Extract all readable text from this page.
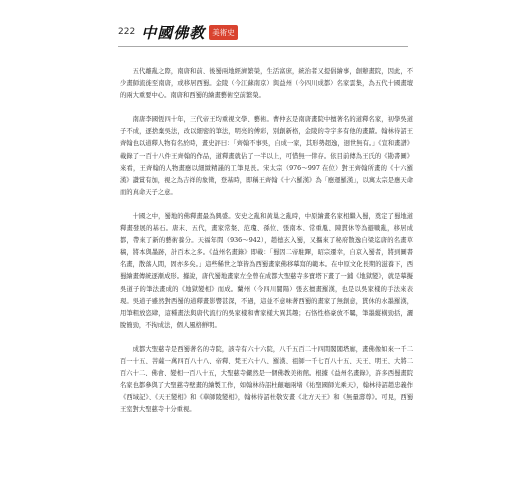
222 中國佛教 美術史

五代離亂之際，南唐和前、後蜀兩地經濟繁榮，生活富庶，統治者又提倡繪事，創辦畫院，因此，不少畫師流徙至南唐，或移居西蜀。金陵（今江蘇南京）與益州（今四川成都）名家雲集，為五代十國畫壇的兩大重要中心。南唐和西蜀的繪畫藝術空前繁榮。

南唐李國恆四十年，三代帝王均重視文學、藝術。曹仲玄是南唐畫院中擅著名的道釋名家，初學吳道子不成，逐捨棄吳法，改以細密的筆法，明亮的傅彩，別創新格，金陵的寺宇多有他的畫蹟。翰林待詔王齊翰也以道釋人物有名於時，畫史評曰：「齊翰不事吳，自成一家，其形勢超逸，迥世無有。」《宣和畫譜》載錄了一百十八件王齊翰的作品，道釋畫就佔了一半以上，可惜無一倖存。依目前傳為王氏的《勘書圖》來看，王齊翰的人物畫應以細緻精謹的工筆見長。宋太宗（976～997 在位）對王齊翰所畫的《十六羅漢》讚賞有加，視之為吉祥的象徵，登基時，即稱王齊翰《十六羅漢》為「應運羅漢」，以寓太宗是應天命而的真命天子之意。

十國之中，蜀地的佛釋畫最為興盛。安史之亂和黃巢之亂時，中原繪畫名家相繼入蜀，奠定了蜀地道釋畫發展的基石。唐末、五代，畫家常粲、范瓊、孫位、張南本、常重胤、陳貫休等為避戰亂，移居成都，帶來了新的藝術養分。天福年間（936～942），趙德玄入蜀，又攜來了秘府散逸自梁迄唐的名畫草稿，將本與墨跡，計百本之多。《益州名畫錄》即載：「蜀因二帝駐蹕，昭宗遷幸，自京入蜀者，將到圖書名畫，散落人間，固亦多矣。」這些稀世之筆皆為西蜀畫家佛移摹寫的範本。在中原文化長期的滋養下，西蜀繪畫傳統逐漸成形。據說，唐代蜀地畫家左全曾在成都大聖慈寺多寶塔下畫了一鋪《地獄變》，就是摹擬吳道子的筆法畫成的《地獄變相》而成。蘭州（今四川閬陽）張玄擅畫羅漢，也是以吳家樣的手法來表現。吳道子雖然對西蜀的道釋畫影響甚深，不過，這並不意味著西蜀的畫家了無創意，貫休的水墨羅漢，用筆粗放恣肆，這種畫法與唐代流行的吳家樣和曹家樣大異其趣；石恪性格豪放不羈，筆墨縱橫勁括，灑脫簡勁，不拘成法，個人風格鮮明。

成都大聖慈寺是西蜀著名的寺院，該寺有六十六院，八千五百二十四間閣閣塔廊，畫佛像如來一千二百一十五、菩薩一萬四百八十八、帝釋、梵王六十八、羅漢、祖師一千七百八十五、天王、明王、大將二百六十二、佛會、變相一百八十五，大聖慈寺儼然是一個佛教美術館。根據《益州名畫錄》，許多西蜀畫院名家也都參與了大聖慈寺壁畫的繪製工作，如翰林待詔杜齦龜兩堵《祐聖國師光乘天》，翰林待詔趙忠義作《西域記》、《天王變相》和《華師陵變相》，翰林待詔杜敬安畫《北方天王》和《無量壽尊》。可見，西蜀王室對大聖慈寺十分重視。
